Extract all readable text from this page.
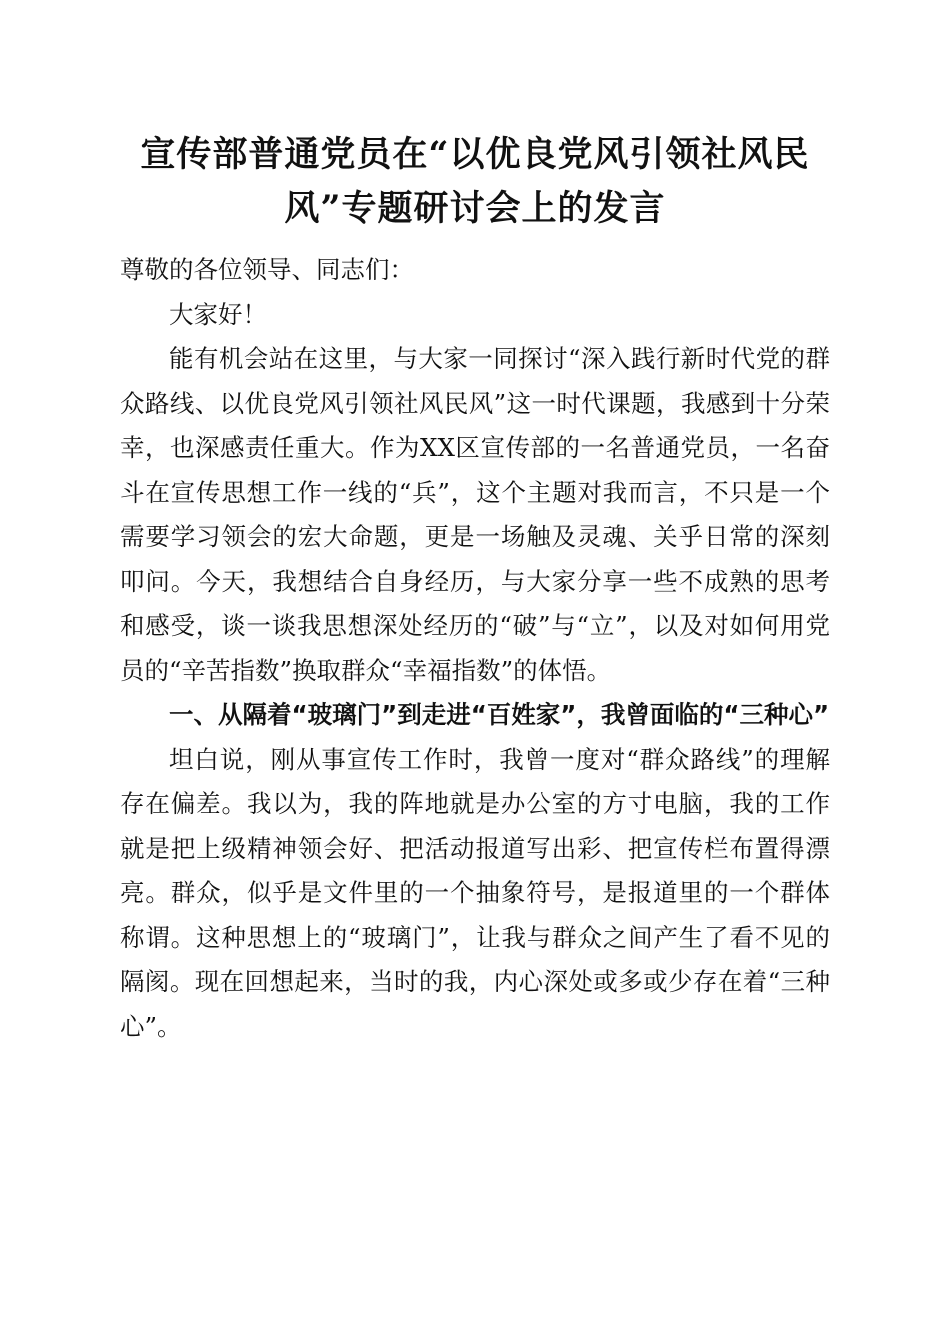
宣传部普通党员在“以优良党风引领社风民
风”专题研讨会上的发言

尊敬的各位领导、同志们：

大家好！

能有机会站在这里，与大家一同探讨“深入践行新时代党的群众路线、以优良党风引领社风民风”这一时代课题，我感到十分荣幸，也深感责任重大。作为XX区宣传部的一名普通党员，一名奋斗在宣传思想工作一线的“兵”，这个主题对我而言，不只是一个需要学习领会的宏大命题，更是一场触及灵魂、关乎日常的深刻叩问。今天，我想结合自身经历，与大家分享一些不成熟的思考和感受，谈一谈我思想深处经历的“破”与“立”，以及对如何用党员的“辛苦指数”换取群众“幸福指数”的体悟。

一、从隔着“玻璃门”到走进“百姓家”，我曾面临的“三种心”

坦白说，刚从事宣传工作时，我曾一度对“群众路线”的理解存在偏差。我以为，我的阵地就是办公室的方寸电脑，我的工作就是把上级精神领会好、把活动报道写出彩、把宣传栏布置得漂亮。群众，似乎是文件里的一个抽象符号，是报道里的一个群体称谓。这种思想上的“玻璃门”，让我与群众之间产生了看不见的隔阂。现在回想起来，当时的我，内心深处或多或少存在着“三种心”。
